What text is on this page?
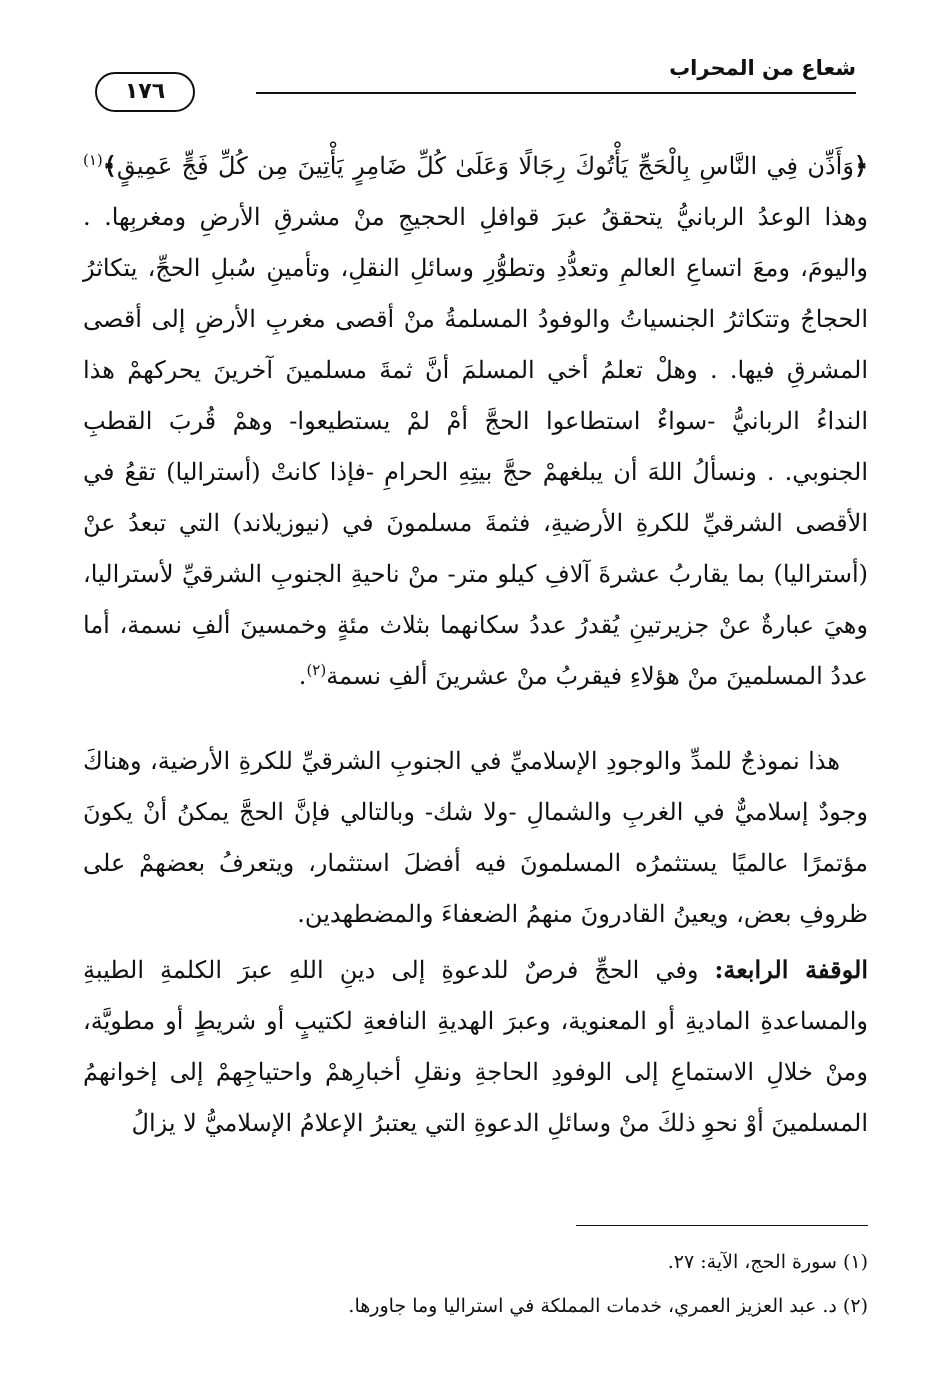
شعاع من المحراب
١٧٦

﴿وَأَذِّن فِي النَّاسِ بِالْحَجِّ يَأْتُوكَ رِجَالًا وَعَلَىٰ كُلِّ ضَامِرٍ يَأْتِينَ مِن كُلِّ فَجٍّ عَمِيقٍ﴾$^{(١)}$ وهذا الوعدُ الربانيُّ يتحققُ عبرَ قوافلِ الحجيجِ منْ مشرقِ الأرضِ ومغربِها. . واليومَ، ومعَ اتساعِ العالمِ وتعدُّدِ وتطوُّرِ وسائلِ النقلِ، وتأمينِ سُبلِ الحجِّ، يتكاثرُ الحجاجُ وتتكاثرُ الجنسياتُ والوفودُ المسلمةُ منْ أقصى مغربِ الأرضِ إلى أقصى المشرقِ فيها. . وهلْ تعلمُ أخي المسلمَ أنَّ ثمةَ مسلمينَ آخرينَ يحركهمْ هذا النداءُ الربانيُّ -سواءٌ استطاعوا الحجَّ أمْ لمْ يستطيعوا- وهمْ قُربَ القطبِ الجنوبي. . ونسألُ اللهَ أن يبلغهمْ حجَّ بيتِهِ الحرامِ -فإذا كانتْ (أستراليا) تقعُ في الأقصى الشرقيِّ للكرةِ الأرضيةِ، فثمةَ مسلمونَ في (نيوزيلاند) التي تبعدُ عنْ (أستراليا) بما يقاربُ عشرةَ آلافِ كيلو متر- منْ ناحيةِ الجنوبِ الشرقيِّ لأستراليا، وهيَ عبارةٌ عنْ جزيرتينِ يُقدرُ عددُ سكانهما بثلاث مئةٍ وخمسينَ ألفِ نسمة، أما عددُ المسلمينَ منْ هؤلاءِ فيقربُ منْ عشرينَ ألفِ نسمة$^{(٢)}$.

هذا نموذجٌ للمدِّ والوجودِ الإسلاميِّ في الجنوبِ الشرقيِّ للكرةِ الأرضية، وهناكَ وجودٌ إسلاميٌّ في الغربِ والشمالِ -ولا شك- وبالتالي فإنَّ الحجَّ يمكنُ أنْ يكونَ مؤتمرًا عالميًا يستثمرُه المسلمونَ فيه أفضلَ استثمار، ويتعرفُ بعضهمْ على ظروفِ بعض، ويعينُ القادرونَ منهمُ الضعفاءَ والمضطهدين.

الوقفة الرابعة: وفي الحجِّ فرصٌ للدعوةِ إلى دينِ اللهِ عبرَ الكلمةِ الطيبةِ والمساعدةِ الماديةِ أو المعنوية، وعبرَ الهديةِ النافعةِ لكتيبٍ أو شريطٍ أو مطويَّة، ومنْ خلالِ الاستماعِ إلى الوفودِ الحاجةِ ونقلِ أخبارِهمْ واحتياجِهمْ إلى إخوانهمُ المسلمينَ أوْ نحوِ ذلكَ منْ وسائلِ الدعوةِ التي يعتبرُ الإعلامُ الإسلاميُّ لا يزالُ

(١) سورة الحج، الآية: ٢٧.

(٢) د. عبد العزيز العمري، خدمات المملكة في استراليا وما جاورها.
